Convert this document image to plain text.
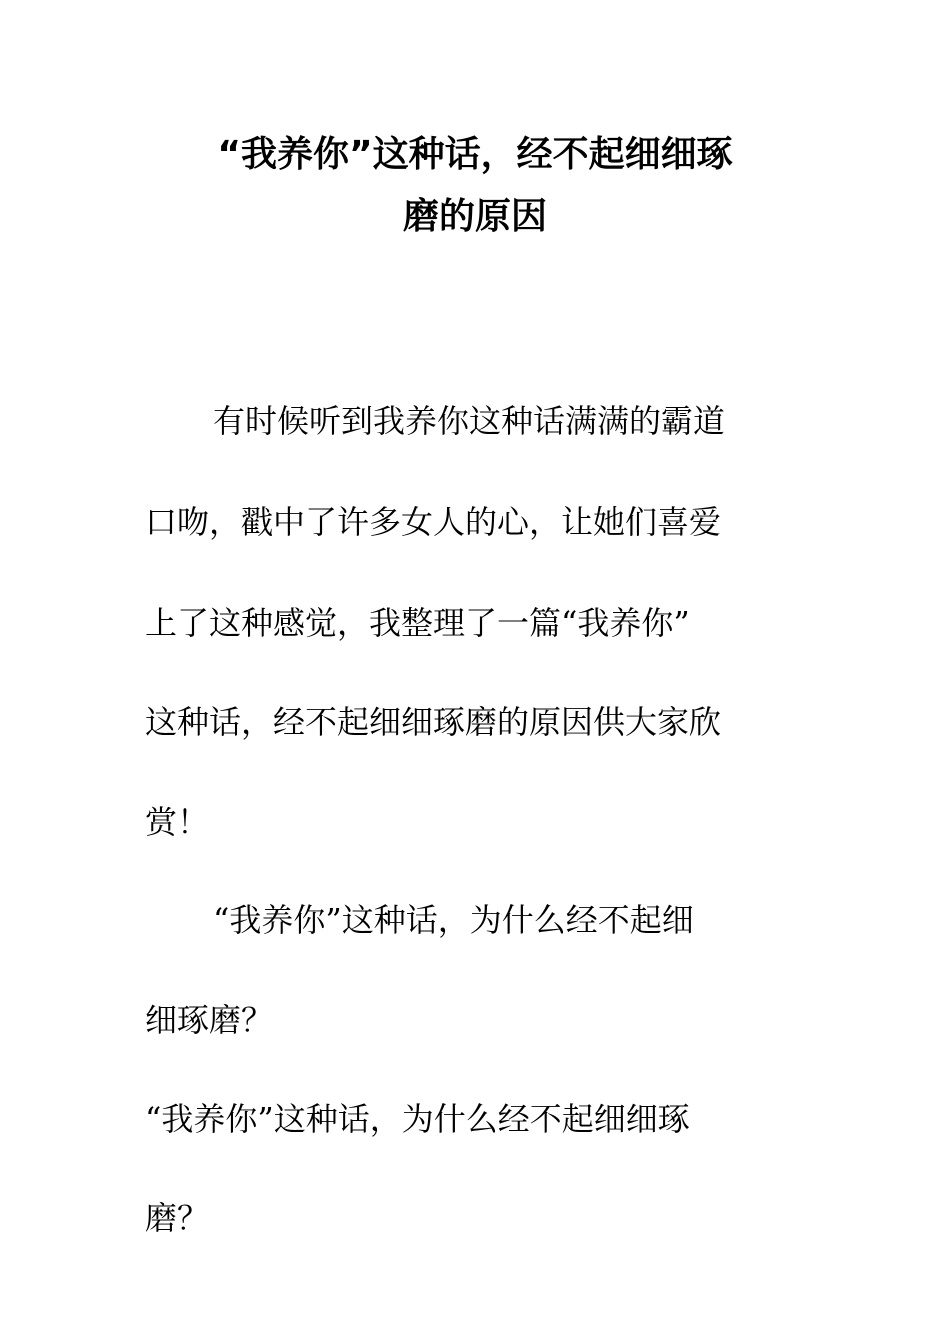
“我养你”这种话，经不起细细琢
磨的原因
有时候听到我养你这种话满满的霸道
口吻，戳中了许多女人的心，让她们喜爱
上了这种感觉，我整理了一篇“我养你”
这种话，经不起细细琢磨的原因供大家欣
赏！
“我养你”这种话，为什么经不起细
细琢磨？
“我养你”这种话，为什么经不起细细琢
磨？
